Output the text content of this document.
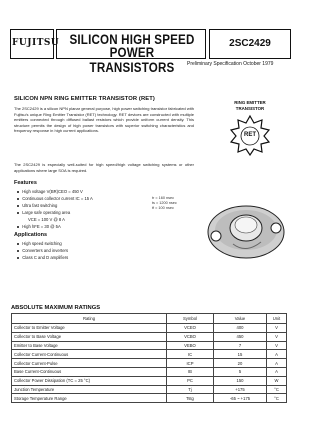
FUJITSU SILICON HIGH SPEED
POWER TRANSISTORS
2SC2429
Preliminary Specification October 1979
SILICON NPN RING EMITTER TRANSISTOR (RET)
The 2SC2429 is a silicon NPN planar general purpose, high power switching transistor fabricated with Fujitsu's unique Ring Emitter Transistor (RET) technology. RET devices are constructed with multiple emitters connected through diffused ballast resistors which provide uniform current density. This structure permits the design of high power transistors with superior switching characteristics and frequency response in high current applications.
The 2SC2429 is especially well-suited for high speed/high voltage switching systems or other applications where large SOA is required.
RING EMITTER
TRANSISTOR
RET
Features
High voltage V(BR)CEO = 450 V
Continuous collector current IC = 15 A
Ultra fast switching
Large safe operating area
High hFE = 30 @ 5A
tr = 160 nsec
ts = 1200 nsec
tf = 100 nsec
VCE = 100 V @ 8 A
Applications
High speed switching
Converters and inverters
Class C and D amplifiers
ABSOLUTE MAXIMUM RATINGS
Rating	Symbol	Value	Unit
Collector to Emitter Voltage	VCEO	400	V
Collector to Base Voltage	VCBO	450	V
Emitter to Base Voltage	VEBO	7	V
Collector Current-Continuous	IC	15	A
Collector Current-Pulse	ICP	20	A
Base Current-Continuous	IB	5	A
Collector Power Dissipation (TC = 25 °C)	PC	150	W
Junction Temperature	Tj	+175	°C
Storage Temperature Range	Tstg	-65 ~ +175	°C
